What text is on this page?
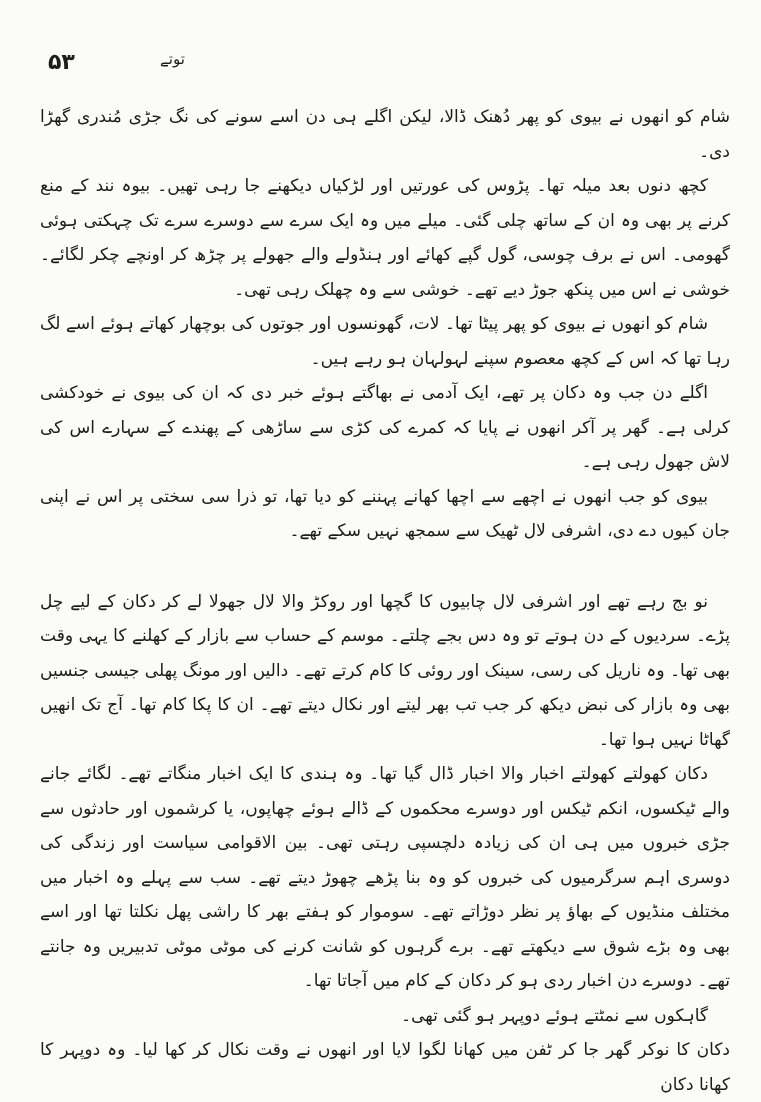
۵۳	توتے

شام کو انھوں نے بیوی کو پھر دُھنک ڈالا، لیکن اگلے ہی دن اسے سونے کی نگ جڑی مُندری گھڑا دی۔

کچھ دنوں بعد میلہ تھا۔ پڑوس کی عورتیں اور لڑکیاں دیکھنے جا رہی تھیں۔ بیوہ نند کے منع کرنے پر بھی وہ ان کے ساتھ چلی گئی۔ میلے میں وہ ایک سرے سے دوسرے سرے تک چہکتی ہوئی گھومی۔ اس نے برف چوسی، گول گپے کھائے اور ہنڈولے والے جھولے پر چڑھ کر اونچے چکر لگائے۔ خوشی نے اس میں پنکھ جوڑ دیے تھے۔ خوشی سے وہ چھلک رہی تھی۔

شام کو انھوں نے بیوی کو پھر پیٹا تھا۔ لات، گھونسوں اور جوتوں کی بوچھار کھاتے ہوئے اسے لگ رہا تھا کہ اس کے کچھ معصوم سپنے لہولہان ہو رہے ہیں۔

اگلے دن جب وہ دکان پر تھے، ایک آدمی نے بھاگتے ہوئے خبر دی کہ ان کی بیوی نے خودکشی کرلی ہے۔ گھر پر آکر انھوں نے پایا کہ کمرے کی کڑی سے ساڑھی کے پھندے کے سہارے اس کی لاش جھول رہی ہے۔

بیوی کو جب انھوں نے اچھے سے اچھا کھانے پہننے کو دیا تھا، تو ذرا سی سختی پر اس نے اپنی جان کیوں دے دی، اشرفی لال ٹھیک سے سمجھ نہیں سکے تھے۔

نو بج رہے تھے اور اشرفی لال چابیوں کا گچھا اور روکڑ والا لال جھولا لے کر دکان کے لیے چل پڑے۔ سردیوں کے دن ہوتے تو وہ دس بجے چلتے۔ موسم کے حساب سے بازار کے کھلنے کا یہی وقت بھی تھا۔ وہ ناریل کی رسی، سینک اور روئی کا کام کرتے تھے۔ دالیں اور مونگ پھلی جیسی جنسیں بھی وہ بازار کی نبض دیکھ کر جب تب بھر لیتے اور نکال دیتے تھے۔ ان کا پکا کام تھا۔ آج تک انھیں گھاٹا نہیں ہوا تھا۔

دکان کھولتے کھولتے اخبار والا اخبار ڈال گیا تھا۔ وہ ہندی کا ایک اخبار منگاتے تھے۔ لگائے جانے والے ٹیکسوں، انکم ٹیکس اور دوسرے محکموں کے ڈالے ہوئے چھاپوں، یا کرشموں اور حادثوں سے جڑی خبروں میں ہی ان کی زیادہ دلچسپی رہتی تھی۔ بین الاقوامی سیاست اور زندگی کی دوسری اہم سرگرمیوں کی خبروں کو وہ بنا پڑھے چھوڑ دیتے تھے۔ سب سے پہلے وہ اخبار میں مختلف منڈیوں کے بھاؤ پر نظر دوڑاتے تھے۔ سوموار کو ہفتے بھر کا راشی پھل نکلتا تھا اور اسے بھی وہ بڑے شوق سے دیکھتے تھے۔ برے گرہوں کو شانت کرنے کی موٹی موٹی تدبیریں وہ جانتے تھے۔ دوسرے دن اخبار ردی ہو کر دکان کے کام میں آجاتا تھا۔

گاہکوں سے نمٹتے ہوئے دوپہر ہو گئی تھی۔

دکان کا نوکر گھر جا کر ٹفن میں کھانا لگوا لایا اور انھوں نے وقت نکال کر کھا لیا۔ وہ دوپہر کا کھانا دکان
